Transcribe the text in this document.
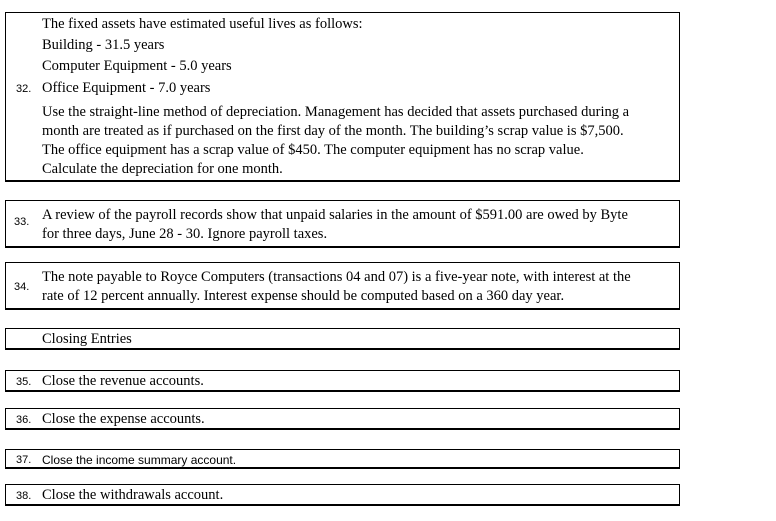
The fixed assets have estimated useful lives as follows:
Building - 31.5 years
Computer Equipment - 5.0 years
32. Office Equipment - 7.0 years
Use the straight-line method of depreciation. Management has decided that assets purchased during a
month are treated as if purchased on the first day of the month. The building’s scrap value is $7,500.
The office equipment has a scrap value of $450. The computer equipment has no scrap value.
Calculate the depreciation for one month.
33. A review of the payroll records show that unpaid salaries in the amount of $591.00 are owed by Byte
for three days, June 28 - 30. Ignore payroll taxes.
34.
The note payable to Royce Computers (transactions 04 and 07) is a five-year note, with interest at the
rate of 12 percent annually. Interest expense should be computed based on a 360 day year.
Closing Entries
35. Close the revenue accounts.
36. Close the expense accounts.
37. Close the income summary account.
38. Close the withdrawals account.
